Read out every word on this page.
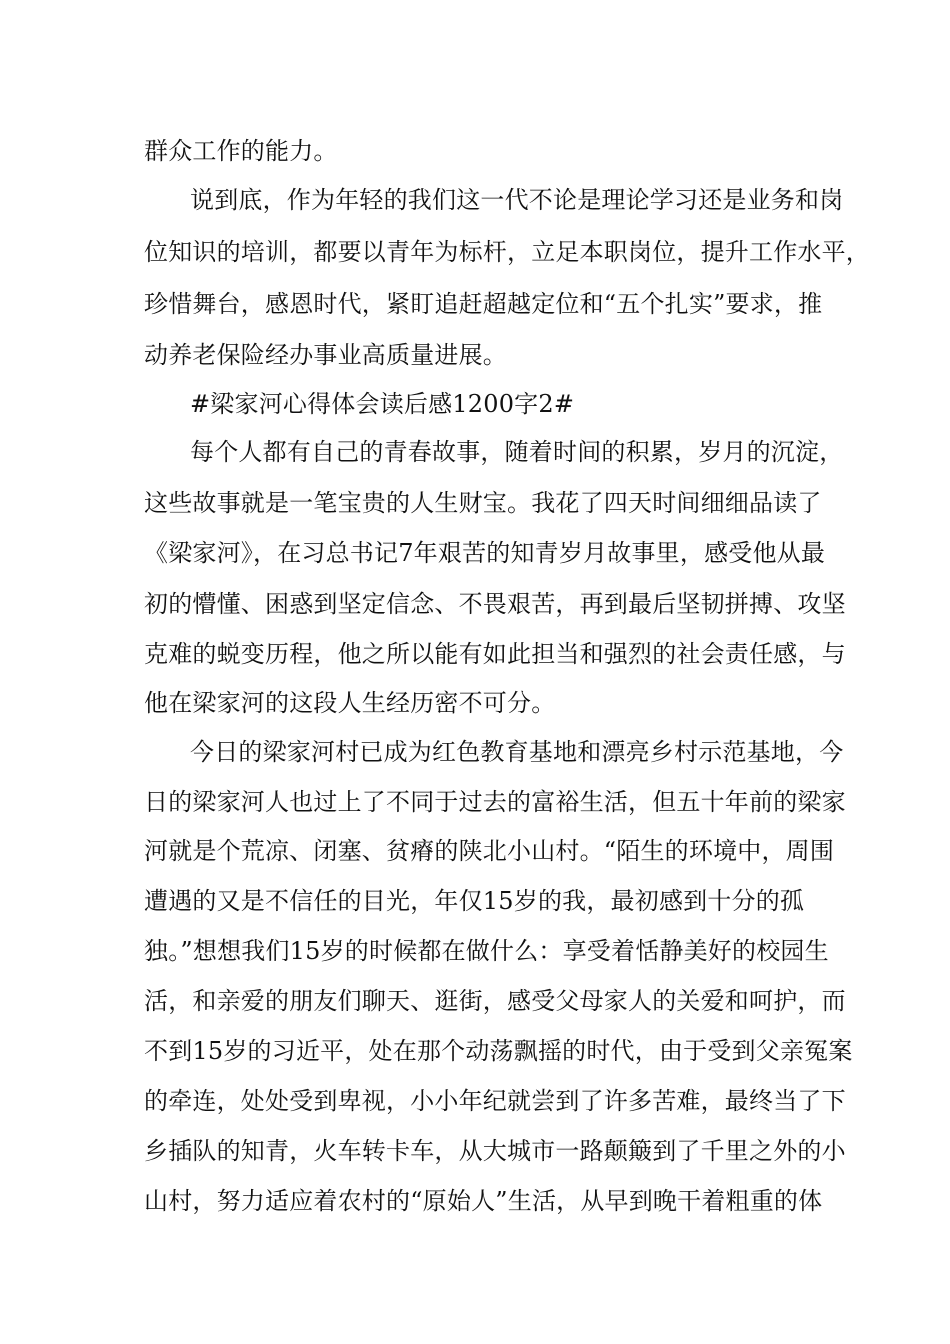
群众工作的能力。
说到底，作为年轻的我们这一代不论是理论学习还是业务和岗
位知识的培训，都要以青年为标杆，立足本职岗位，提升工作水平，
珍惜舞台，感恩时代，紧盯追赶超越定位和“五个扎实”要求，推
动养老保险经办事业高质量进展。
#梁家河心得体会读后感1200字2#
每个人都有自己的青春故事，随着时间的积累，岁月的沉淀，
这些故事就是一笔宝贵的人生财宝。我花了四天时间细细品读了
《梁家河》，在习总书记7年艰苦的知青岁月故事里，感受他从最
初的懵懂、困惑到坚定信念、不畏艰苦，再到最后坚韧拼搏、攻坚
克难的蜕变历程，他之所以能有如此担当和强烈的社会责任感，与
他在梁家河的这段人生经历密不可分。
今日的梁家河村已成为红色教育基地和漂亮乡村示范基地，今
日的梁家河人也过上了不同于过去的富裕生活，但五十年前的梁家
河就是个荒凉、闭塞、贫瘠的陕北小山村。“陌生的环境中，周围
遭遇的又是不信任的目光，年仅15岁的我，最初感到十分的孤
独。”想想我们15岁的时候都在做什么：享受着恬静美好的校园生
活，和亲爱的朋友们聊天、逛街，感受父母家人的关爱和呵护，而
不到15岁的习近平，处在那个动荡飘摇的时代，由于受到父亲冤案
的牵连，处处受到卑视，小小年纪就尝到了许多苦难，最终当了下
乡插队的知青，火车转卡车，从大城市一路颠簸到了千里之外的小
山村，努力适应着农村的“原始人”生活，从早到晚干着粗重的体
